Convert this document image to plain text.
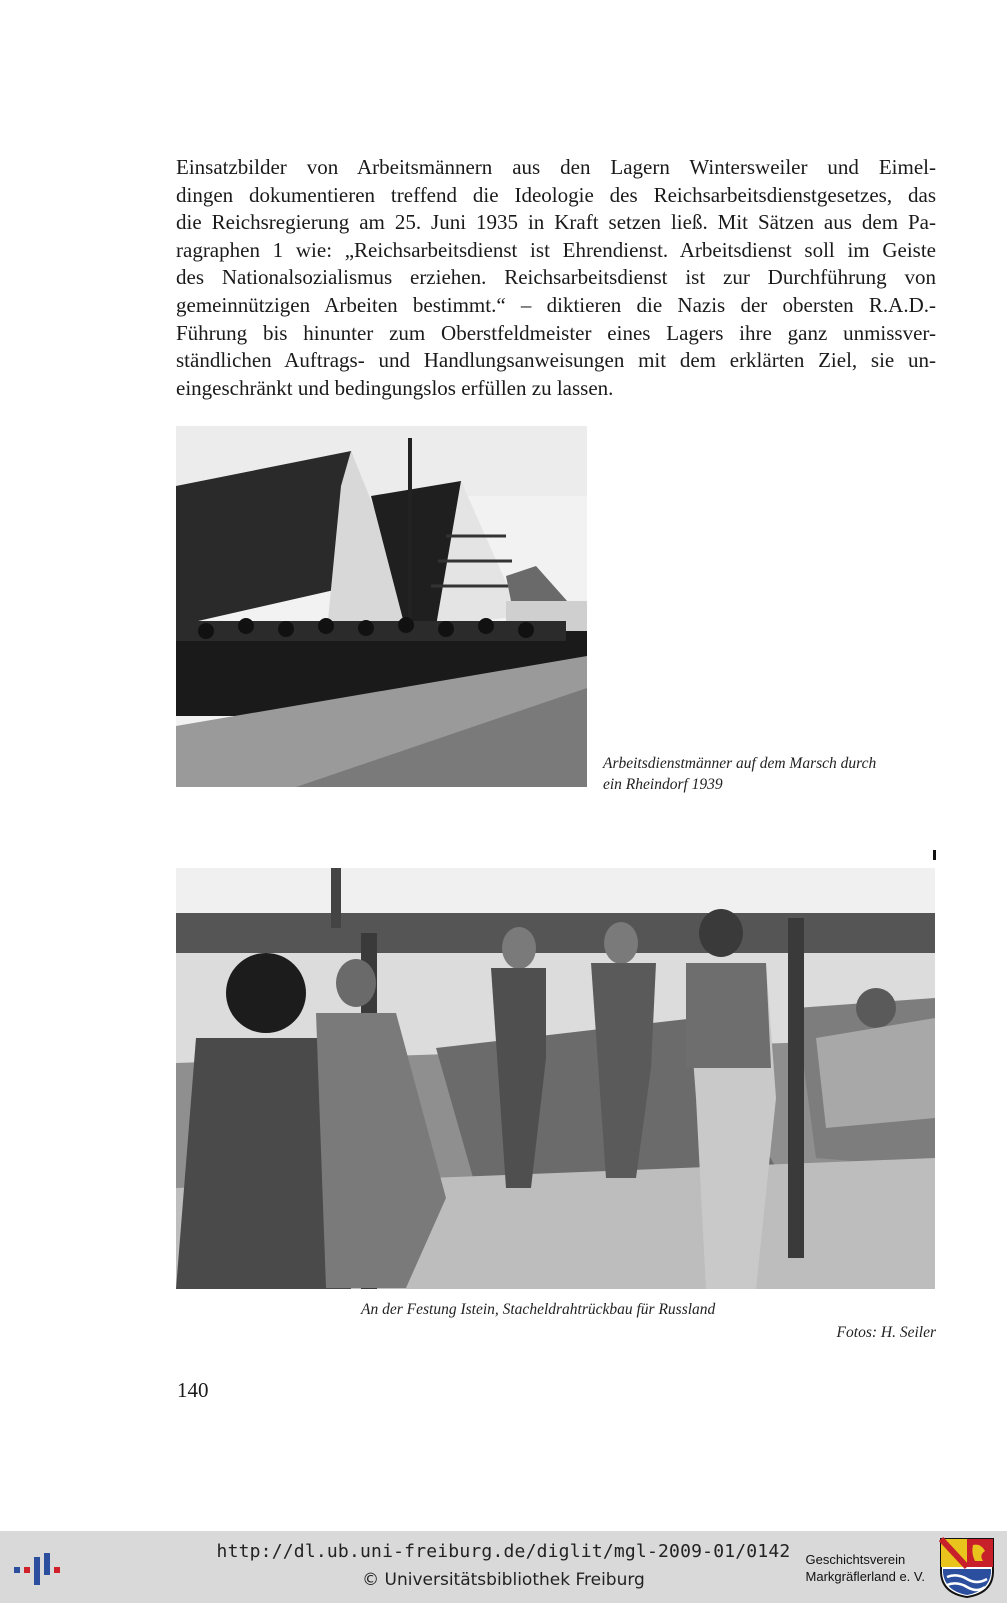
Einsatzbilder von Arbeitsmännern aus den Lagern Wintersweiler und Eimel-
dingen dokumentieren treffend die Ideologie des Reichsarbeitsdienstgesetzes, das
die Reichsregierung am 25. Juni 1935 in Kraft setzen ließ. Mit Sätzen aus dem Pa-
ragraphen 1 wie: „Reichsarbeitsdienst ist Ehrendienst. Arbeitsdienst soll im Geiste
des Nationalsozialismus erziehen. Reichsarbeitsdienst ist zur Durchführung von
gemeinnützigen Arbeiten bestimmt.“ – diktieren die Nazis der obersten R.A.D.-
Führung bis hinunter zum Oberstfeldmeister eines Lagers ihre ganz unmissver-
ständlichen Auftrags- und Handlungsanweisungen mit dem erklärten Ziel, sie un-
eingeschränkt und bedingungslos erfüllen zu lassen.
Arbeitsdienstmänner auf dem Marsch durch
ein Rheindorf 1939
An der Festung Istein, Stacheldrahtrückbau für Russland
Fotos: H. Seiler
140
http://dl.ub.uni-freiburg.de/diglit/mgl-2009-01/0142
© Universitätsbibliothek Freiburg
Geschichtsverein
Markgräflerland e. V.
